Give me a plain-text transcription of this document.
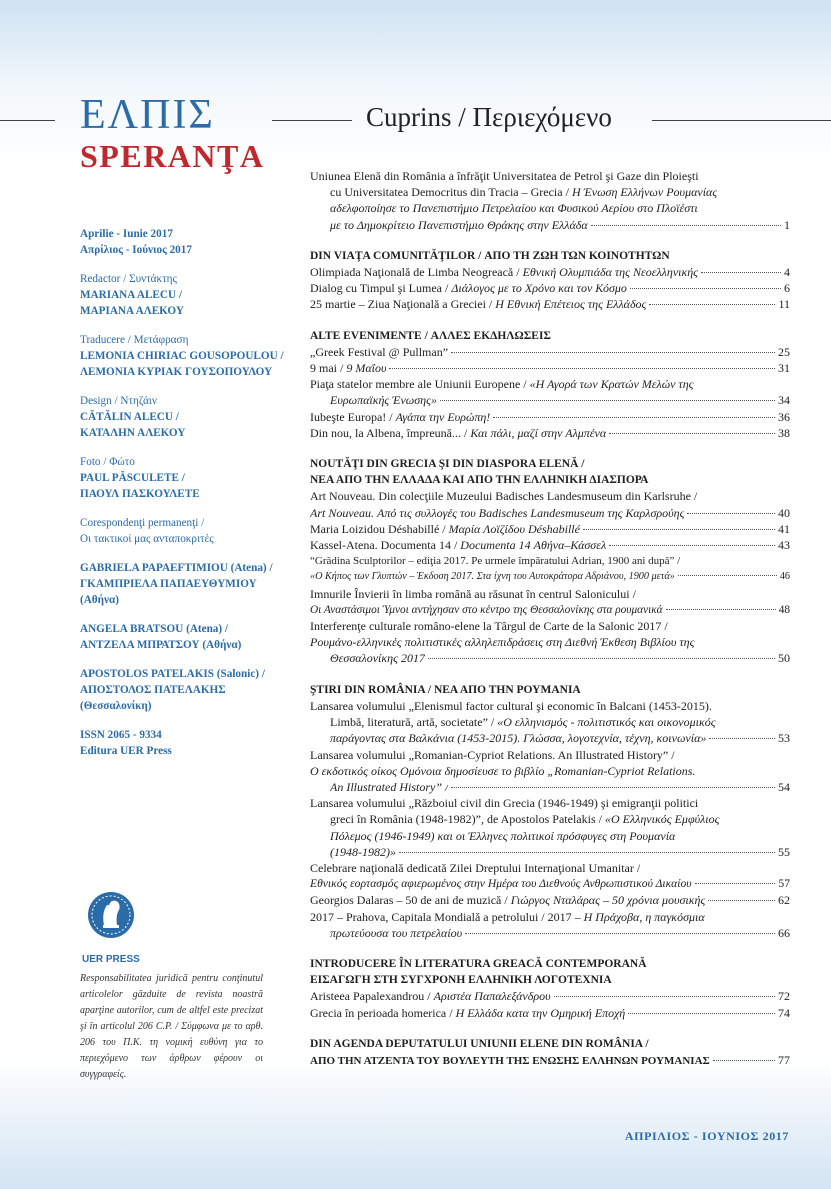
ΕΛΠΙΣ
SPERANŢA
Cuprins / Περιεχόμενο
Aprilie - Iunie 2017
Απρίλιος - Ιούνιος 2017
Redactor / Συντάκτης
MARIANA ALECU /
ΜΑΡΙΑΝΑ ΑΛΕΚΟΥ
Traducere / Μετάφραση
LEMONIA CHIRIAC GOUSOPOULOU /
ΛΕΜΟΝΙΑ ΚΥΡΙΑΚ ΓΟΥΣΟΠΟΥΛΟΥ
Design / Ντηζάιν
CĂTĂLIN ALECU /
ΚΑΤΑΛΗΝ ΑΛΕΚΟΥ
Foto / Φώτο
PAUL PĂSCULETE /
ΠΑΟΥΛ ΠΑΣΚΟΥΛΕΤΕ
Corespondenţi permanenţi /
Οι τακτικοί μας ανταποκριτές
GABRIELA PAPAEFTIMIOU (Atena) /
ΓΚΑΜΠΡΙΕΛΑ ΠΑΠΑΕΥΘΥΜΙΟΥ
(Αθήνα)
ANGELA BRATSOU (Atena) /
ΑΝΤΖΕΛΑ ΜΠΡΑΤΣΟΥ (Αθήνα)
APOSTOLOS PATELAKIS (Salonic) /
ΑΠΟΣΤΟΛΟΣ ΠΑΤΕΛΑΚΗΣ
(Θεσσαλονίκη)
ISSN 2065 - 9334
Editura UER Press
UER PRESS
Responsabilitatea juridică pentru conţinutul articolelor găzduite de revista noastră aparţine autorilor, cum de altfel este precizat şi în articolul 206 C.P. / Σύμφωνα με το αρθ. 206 του Π.Κ. τη νομική ευθύνη για το περιεχόμενο των άρθρων φέρουν οι συγγραφείς.
Uniunea Elenă din România a înfrăţit Universitatea de Petrol şi Gaze din Ploieşti
cu Universitatea Democritus din Tracia – Grecia / Η Ένωση Ελλήνων Ρουμανίας
αδελφοποίησε το Πανεπιστήμιο Πετρελαίου και Φυσικού Αερίου στο Πλοϊέστι
με το Δημοκρίτειο Πανεπιστήμιο Θράκης στην Ελλάδα	1
DIN VIAŢA COMUNITĂŢILOR / ΑΠΟ ΤΗ ΖΩΗ ΤΩΝ ΚΟΙΝΟΤΗΤΩΝ
Olimpiada Naţională de Limba Neogreacă / Εθνική Ολυμπιάδα της Νεοελληνικής	4
Dialog cu Timpul şi Lumea / Διάλογος με το Χρόνο και τον Κόσμο	6
25 martie – Ziua Naţională a Greciei / Η Εθνική Επέτειος της Ελλάδος	11
ALTE EVENIMENTE / ΑΛΛΕΣ ΕΚΔΗΛΩΣΕΙΣ
„Greek Festival @ Pullman”	25
9 mai / 9 Μαΐου	31
Piaţa statelor membre ale Uniunii Europene / «Η Αγορά των Κρατών Μελών της
Ευρωπαϊκής Ένωσης»	34
Iubeşte Europa! / Αγάπα την Ευρώπη!	36
Din nou, la Albena, împreună... / Και πάλι, μαζί στην Αλμπένα	38
NOUTĂŢI DIN GRECIA ŞI DIN DIASPORA ELENĂ /
ΝΕΑ ΑΠΟ ΤΗΝ ΕΛΛΑΔΑ ΚΑΙ ΑΠΟ ΤΗΝ ΕΛΛΗΝΙΚΗ ΔΙΑΣΠΟΡΑ
Art Nouveau. Din colecţiile Muzeului Badisches Landesmuseum din Karlsruhe /
Art Nouveau. Από τις συλλογές του Badisches Landesmuseum της Καρλσρούης	40
Maria Loizidou Déshabillé / Μαρία Λοϊζίδου Déshabillé	41
Kassel-Atena. Documenta 14 / Documenta 14 Αθήνα–Κάσσελ	43
“Grădina Sculptorilor – ediţia 2017. Pe urmele împăratului Adrian, 1900 ani după” /
«Ο Κήπος των Γλυπτών – Έκδοση 2017. Στα ίχνη του Αυτοκράτορα Αδριάνου, 1900 μετά»	46
Imnurile Învierii în limba română au răsunat în centrul Salonicului /
Οι Αναστάσιμοι Ύμνοι αντήχησαν στο κέντρο της Θεσσαλονίκης στα ρουμανικά	48
Interferenţe culturale româno-elene la Târgul de Carte de la Salonic 2017 /
Ρουμάνο-ελληνικές πολιτιστικές αλληλεπιδράσεις στη Διεθνή Έκθεση Βιβλίου της
Θεσσαλονίκης 2017	50
ŞTIRI DIN ROMÂNIA / ΝΕΑ ΑΠΟ ΤΗΝ ΡΟΥΜΑΝΙΑ
Lansarea volumului „Elenismul factor cultural şi economic în Balcani (1453-2015).
Limbă, literatură, artă, societate” / «Ο ελληνισμός - πολιτιστικός και οικονομικός
παράγοντας στα Βαλκάνια (1453-2015). Γλώσσα, λογοτεχνία, τέχνη, κοινωνία»	53
Lansarea volumului „Romanian-Cypriot Relations. An Illustrated History” /
Ο εκδοτικός οίκος Ομόνοια δημοσίευσε το βιβλίο „Romanian-Cypriot Relations.
An Illustrated History” /	54
Lansarea volumului „Războiul civil din Grecia (1946-1949) şi emigranţii politici
greci în România (1948-1982)”, de Apostolos Patelakis / «Ο Ελληνικός Εμφύλιος
Πόλεμος (1946-1949) και οι Έλληνες πολιτικοί πρόσφυγες στη Ρουμανία
(1948-1982)»	55
Celebrare naţională dedicată Zilei Dreptului Internaţional Umanitar /
Εθνικός εορτασμός αφιερωμένος στην Ημέρα του Διεθνούς Ανθρωπιστικού Δικαίου	57
Georgios Dalaras – 50 de ani de muzică / Γιώργος Νταλάρας – 50 χρόνια μουσικής	62
2017 – Prahova, Capitala Mondială a petrolului / 2017 – Η Πράχοβα, η παγκόσμια
πρωτεύουσα του πετρελαίου	66
INTRODUCERE ÎN LITERATURA GREACĂ CONTEMPORANĂ
ΕΙΣΑΓΩΓΗ ΣΤΗ ΣΥΓΧΡΟΝΗ ΕΛΛΗΝΙΚΗ ΛΟΓΟΤΕΧΝΙΑ
Aristeea Papalexandrou / Αριστέα Παπαλεξάνδρου	72
Grecia în perioada homerica / Η Ελλάδα κατα την Ομηρική Εποχή	74
DIN AGENDA DEPUTATULUI UNIUNII ELENE DIN ROMÂNIA /
ΑΠΟ ΤΗΝ ΑΤΖΕΝΤΑ ΤΟΥ ΒΟΥΛΕΥΤΗ ΤΗΣ ΕΝΩΣΗΣ ΕΛΛΗΝΩΝ ΡΟΥΜΑΝΙΑΣ	77
ΑΠΡΙΛΙΟΣ - ΙΟΥΝΙΟΣ 2017
